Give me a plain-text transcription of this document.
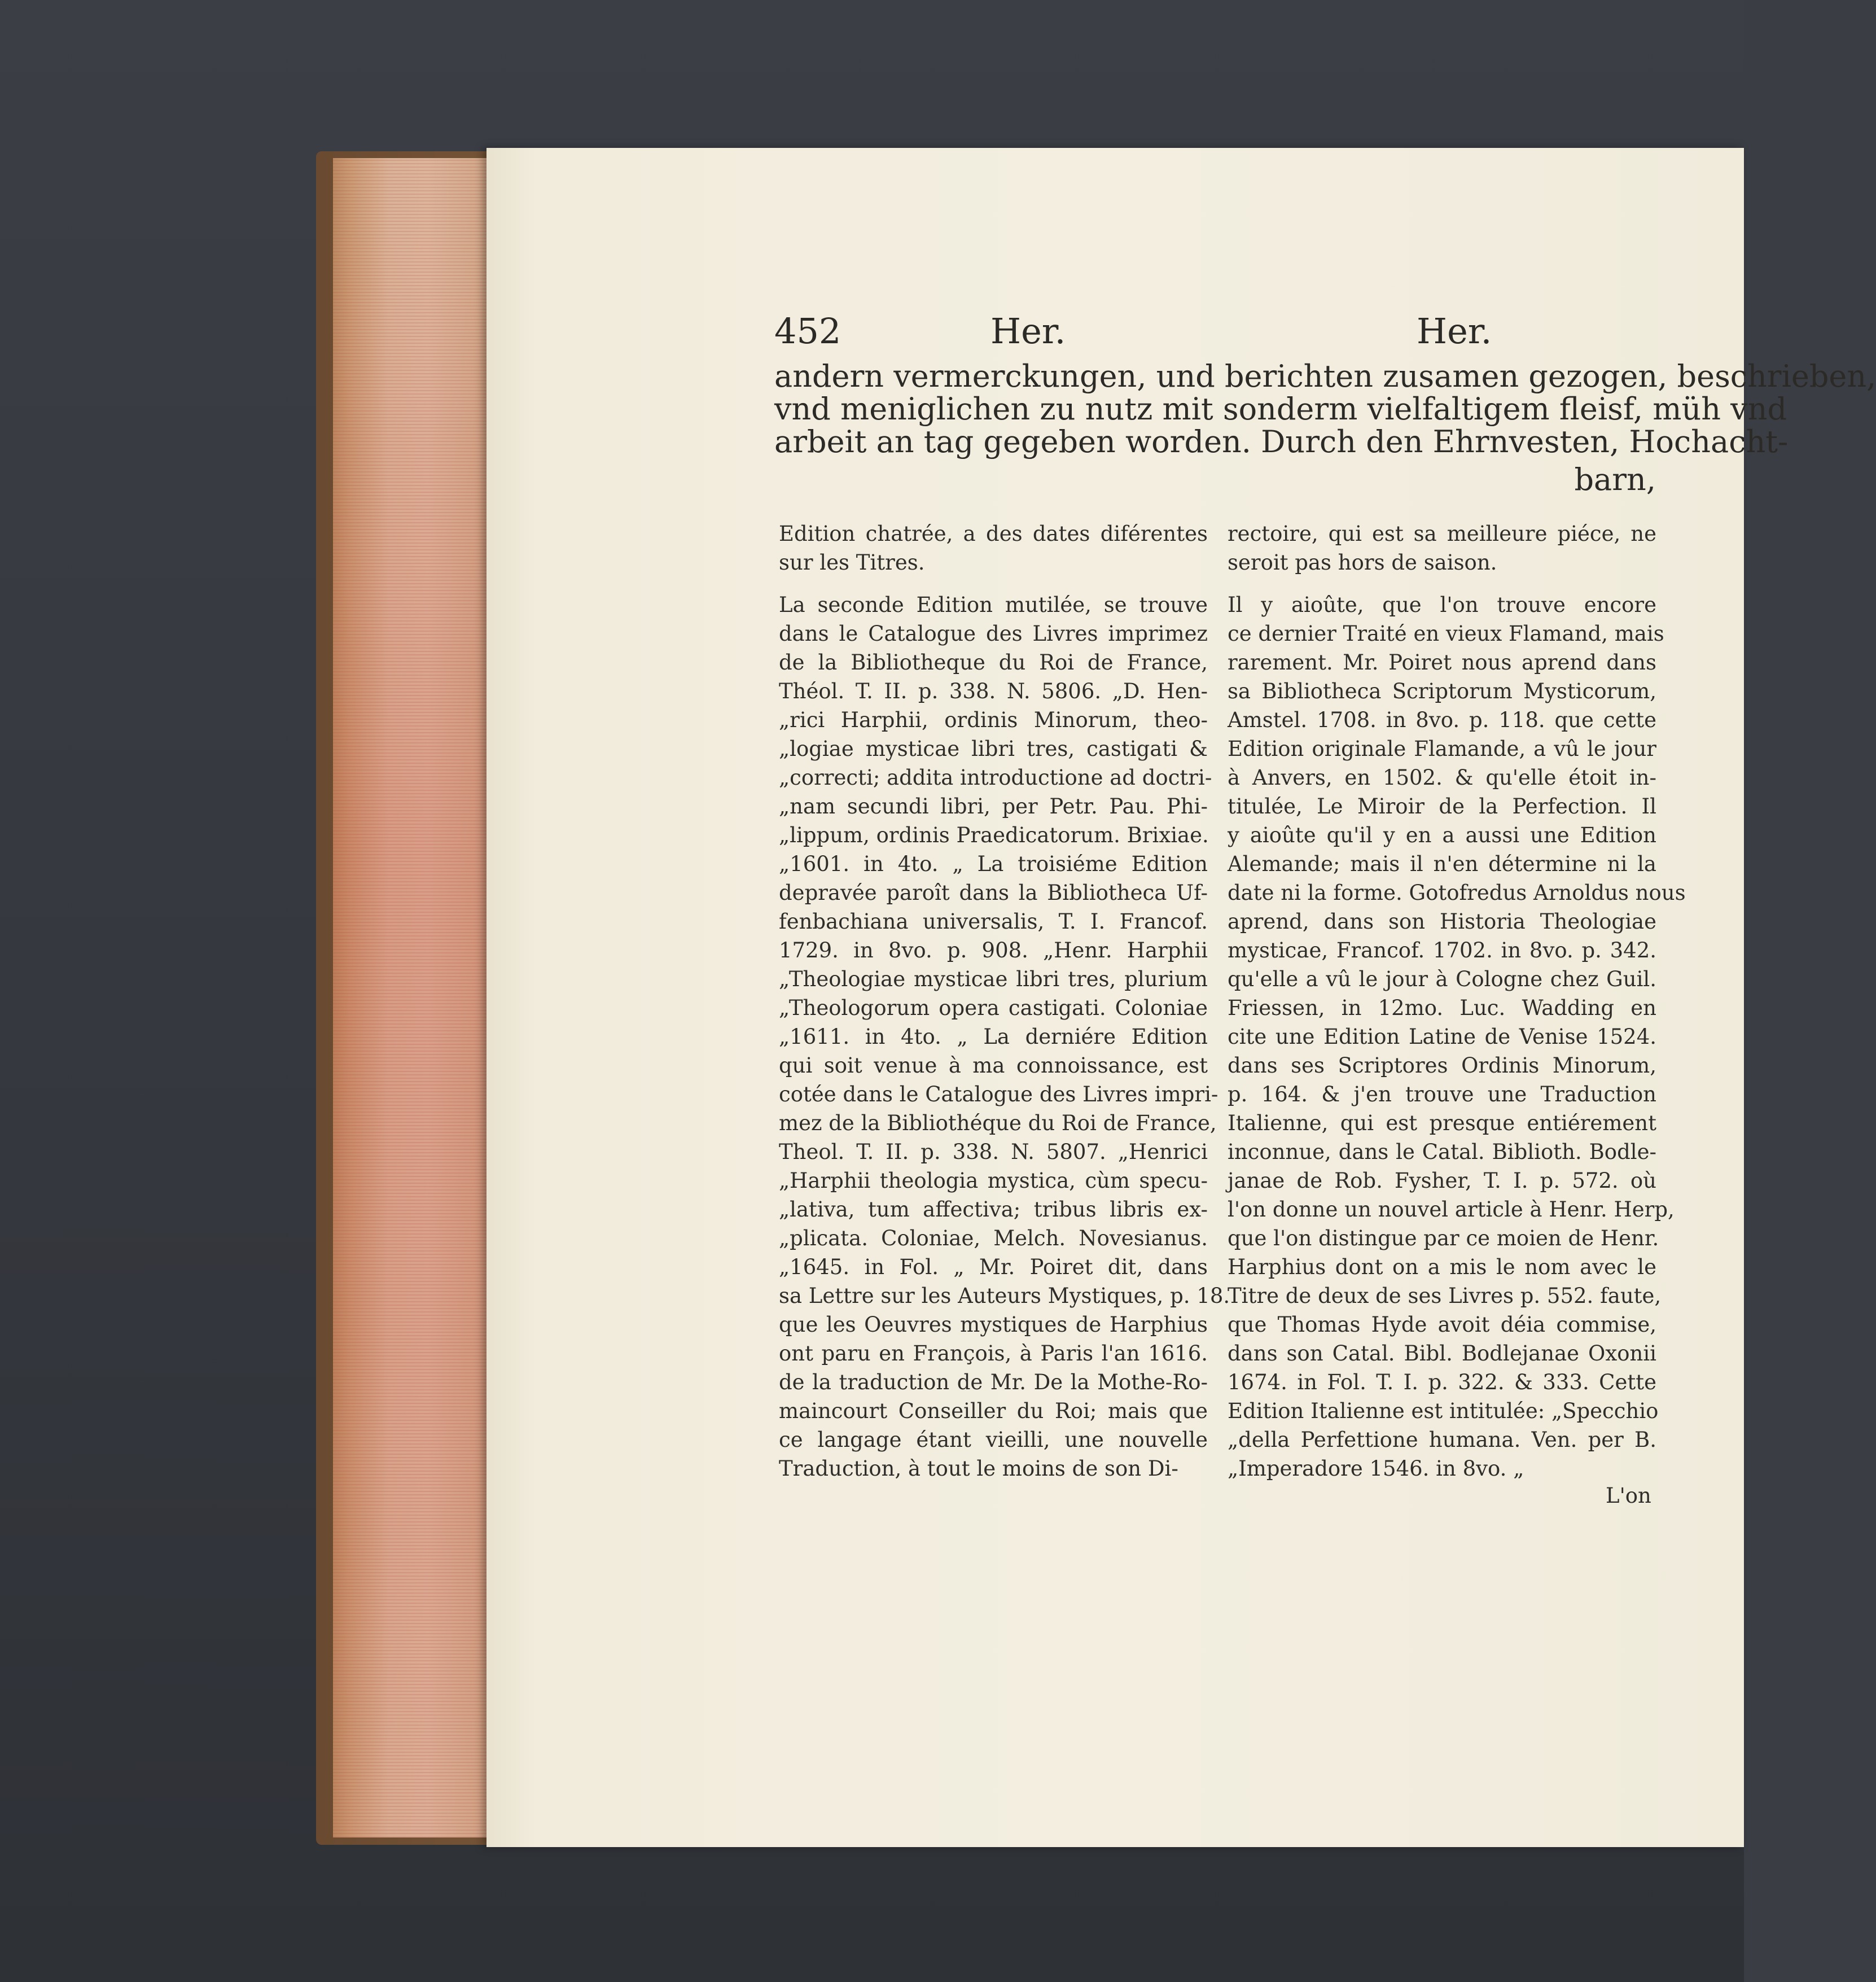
452	Her.	Her.
andern vermerckungen, und berichten zusamen gezogen, beschrieben,
vnd meniglichen zu nutz mit sonderm vielfaltigem fleisf, müh vnd
arbeit an tag gegeben worden. Durch den Ehrnvesten, Hochacht-
barn,
Edition chatrée, a des dates diférentes
sur les Titres.
La seconde Edition mutilée, se trouve
dans le Catalogue des Livres imprimez
de la Bibliotheque du Roi de France,
Théol. T. II. p. 338. N. 5806. „D. Hen-
„rici Harphii, ordinis Minorum, theo-
„logiae mysticae libri tres, castigati &
„correcti; addita introductione ad doctri-
„nam secundi libri, per Petr. Pau. Phi-
„lippum, ordinis Praedicatorum. Brixiae.
„1601. in 4to. „ La troisiéme Edition
depravée paroît dans la Bibliotheca Uf-
fenbachiana universalis, T. I. Francof.
1729. in 8vo. p. 908. „Henr. Harphii
„Theologiae mysticae libri tres, plurium
„Theologorum opera castigati. Coloniae
„1611. in 4to. „ La derniére Edition
qui soit venue à ma connoissance, est
cotée dans le Catalogue des Livres impri-
mez de la Bibliothéque du Roi de France,
Theol. T. II. p. 338. N. 5807. „Henrici
„Harphii theologia mystica, cùm specu-
„lativa, tum affectiva; tribus libris ex-
„plicata. Coloniae, Melch. Novesianus.
„1645. in Fol. „ Mr. Poiret dit, dans
sa Lettre sur les Auteurs Mystiques, p. 18.
que les Oeuvres mystiques de Harphius
ont paru en François, à Paris l'an 1616.
de la traduction de Mr. De la Mothe-Ro-
maincourt Conseiller du Roi; mais que
ce langage étant vieilli, une nouvelle
Traduction, à tout le moins de son Di-
rectoire, qui est sa meilleure piéce, ne
seroit pas hors de saison.
Il y aioûte, que l'on trouve encore
ce dernier Traité en vieux Flamand, mais
rarement. Mr. Poiret nous aprend dans
sa Bibliotheca Scriptorum Mysticorum,
Amstel. 1708. in 8vo. p. 118. que cette
Edition originale Flamande, a vû le jour
à Anvers, en 1502. & qu'elle étoit in-
titulée, Le Miroir de la Perfection. Il
y aioûte qu'il y en a aussi une Edition
Alemande; mais il n'en détermine ni la
date ni la forme. Gotofredus Arnoldus nous
aprend, dans son Historia Theologiae
mysticae, Francof. 1702. in 8vo. p. 342.
qu'elle a vû le jour à Cologne chez Guil.
Friessen, in 12mo. Luc. Wadding en
cite une Edition Latine de Venise 1524.
dans ses Scriptores Ordinis Minorum,
p. 164. & j'en trouve une Traduction
Italienne, qui est presque entiérement
inconnue, dans le Catal. Biblioth. Bodle-
janae de Rob. Fysher, T. I. p. 572. où
l'on donne un nouvel article à Henr. Herp,
que l'on distingue par ce moien de Henr.
Harphius dont on a mis le nom avec le
Titre de deux de ses Livres p. 552. faute,
que Thomas Hyde avoit déia commise,
dans son Catal. Bibl. Bodlejanae Oxonii
1674. in Fol. T. I. p. 322. & 333. Cette
Edition Italienne est intitulée: „Specchio
„della Perfettione humana. Ven. per B.
„Imperadore 1546. in 8vo. „
L'on
